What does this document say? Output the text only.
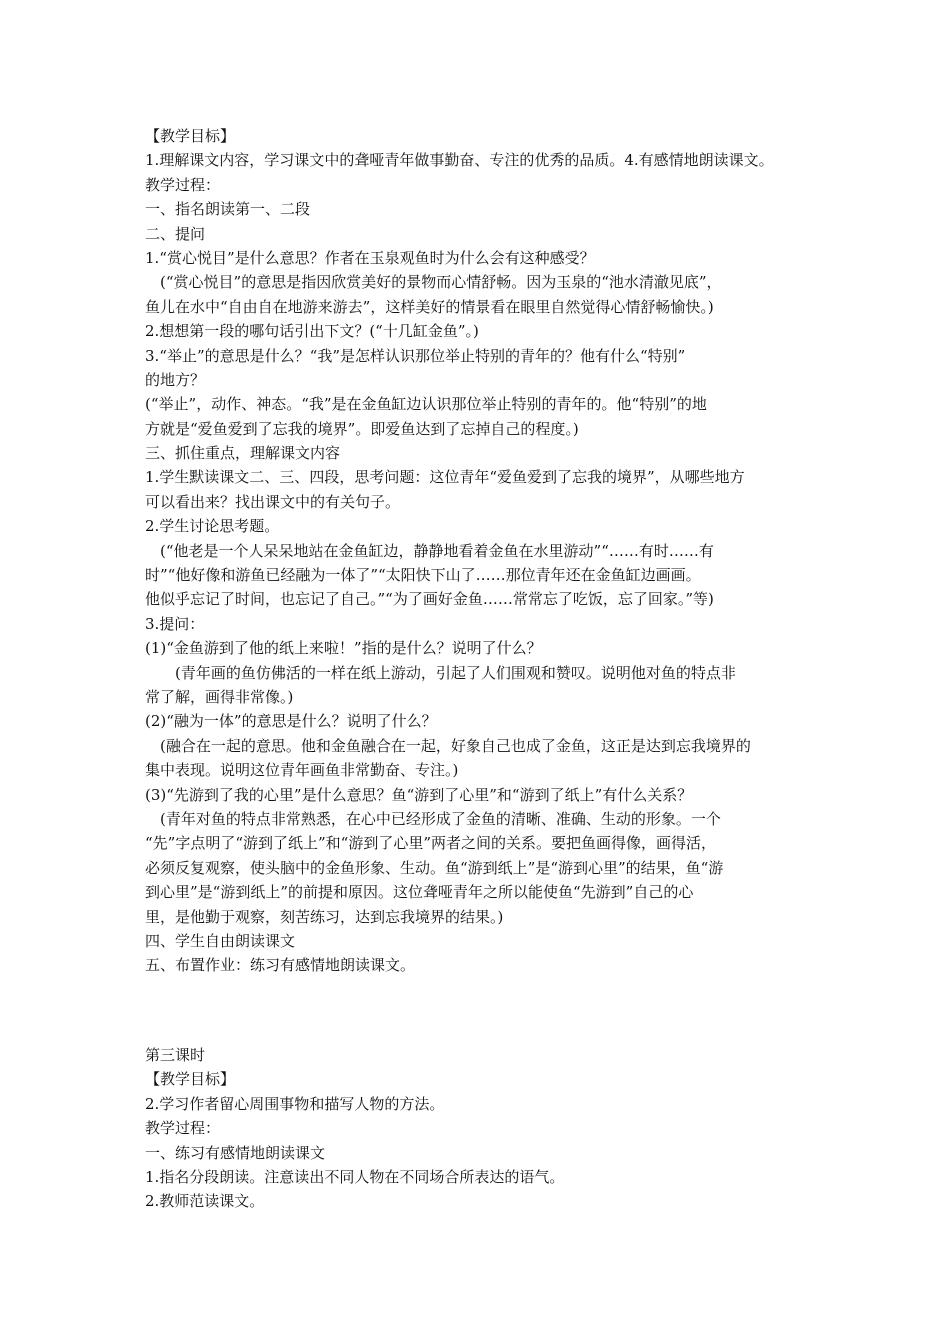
【教学目标】
1.理解课文内容，学习课文中的聋哑青年做事勤奋、专注的优秀的品质。4.有感情地朗读课文。
教学过程：
一、指名朗读第一、二段
二、提问
1.“赏心悦目”是什么意思？作者在玉泉观鱼时为什么会有这种感受？
　(“赏心悦目”的意思是指因欣赏美好的景物而心情舒畅。因为玉泉的“池水清澈见底”，
鱼儿在水中“自由自在地游来游去”，这样美好的情景看在眼里自然觉得心情舒畅愉快。)
2.想想第一段的哪句话引出下文？(“十几缸金鱼”。)
3.“举止”的意思是什么？“我”是怎样认识那位举止特别的青年的？他有什么“特别”
的地方？
(“举止”，动作、神态。“我”是在金鱼缸边认识那位举止特别的青年的。他“特别”的地
方就是“爱鱼爱到了忘我的境界”。即爱鱼达到了忘掉自己的程度。)
三、抓住重点，理解课文内容
1.学生默读课文二、三、四段，思考问题：这位青年“爱鱼爱到了忘我的境界”，从哪些地方
可以看出来？找出课文中的有关句子。
2.学生讨论思考题。
　(“他老是一个人呆呆地站在金鱼缸边，静静地看着金鱼在水里游动”“……有时……有
时”“他好像和游鱼已经融为一体了”“太阳快下山了……那位青年还在金鱼缸边画画。
他似乎忘记了时间，也忘记了自己。”“为了画好金鱼……常常忘了吃饭，忘了回家。”等)
3.提问：
(1)“金鱼游到了他的纸上来啦！”指的是什么？说明了什么？
　　(青年画的鱼仿佛活的一样在纸上游动，引起了人们围观和赞叹。说明他对鱼的特点非
常了解，画得非常像。)
(2)“融为一体”的意思是什么？说明了什么？
　(融合在一起的意思。他和金鱼融合在一起，好象自己也成了金鱼，这正是达到忘我境界的
集中表现。说明这位青年画鱼非常勤奋、专注。)
(3)“先游到了我的心里”是什么意思？鱼“游到了心里”和“游到了纸上”有什么关系？
　(青年对鱼的特点非常熟悉，在心中已经形成了金鱼的清晰、准确、生动的形象。一个
“先”字点明了“游到了纸上”和“游到了心里”两者之间的关系。要把鱼画得像，画得活，
必须反复观察，使头脑中的金鱼形象、生动。鱼“游到纸上”是“游到心里”的结果，鱼“游
到心里”是“游到纸上”的前提和原因。这位聋哑青年之所以能使鱼“先游到”自己的心
里，是他勤于观察，刻苦练习，达到忘我境界的结果。)
四、学生自由朗读课文
五、布置作业：练习有感情地朗读课文。
第三课时
【教学目标】
2.学习作者留心周围事物和描写人物的方法。
教学过程：
一、练习有感情地朗读课文
1.指名分段朗读。注意读出不同人物在不同场合所表达的语气。
2.教师范读课文。
